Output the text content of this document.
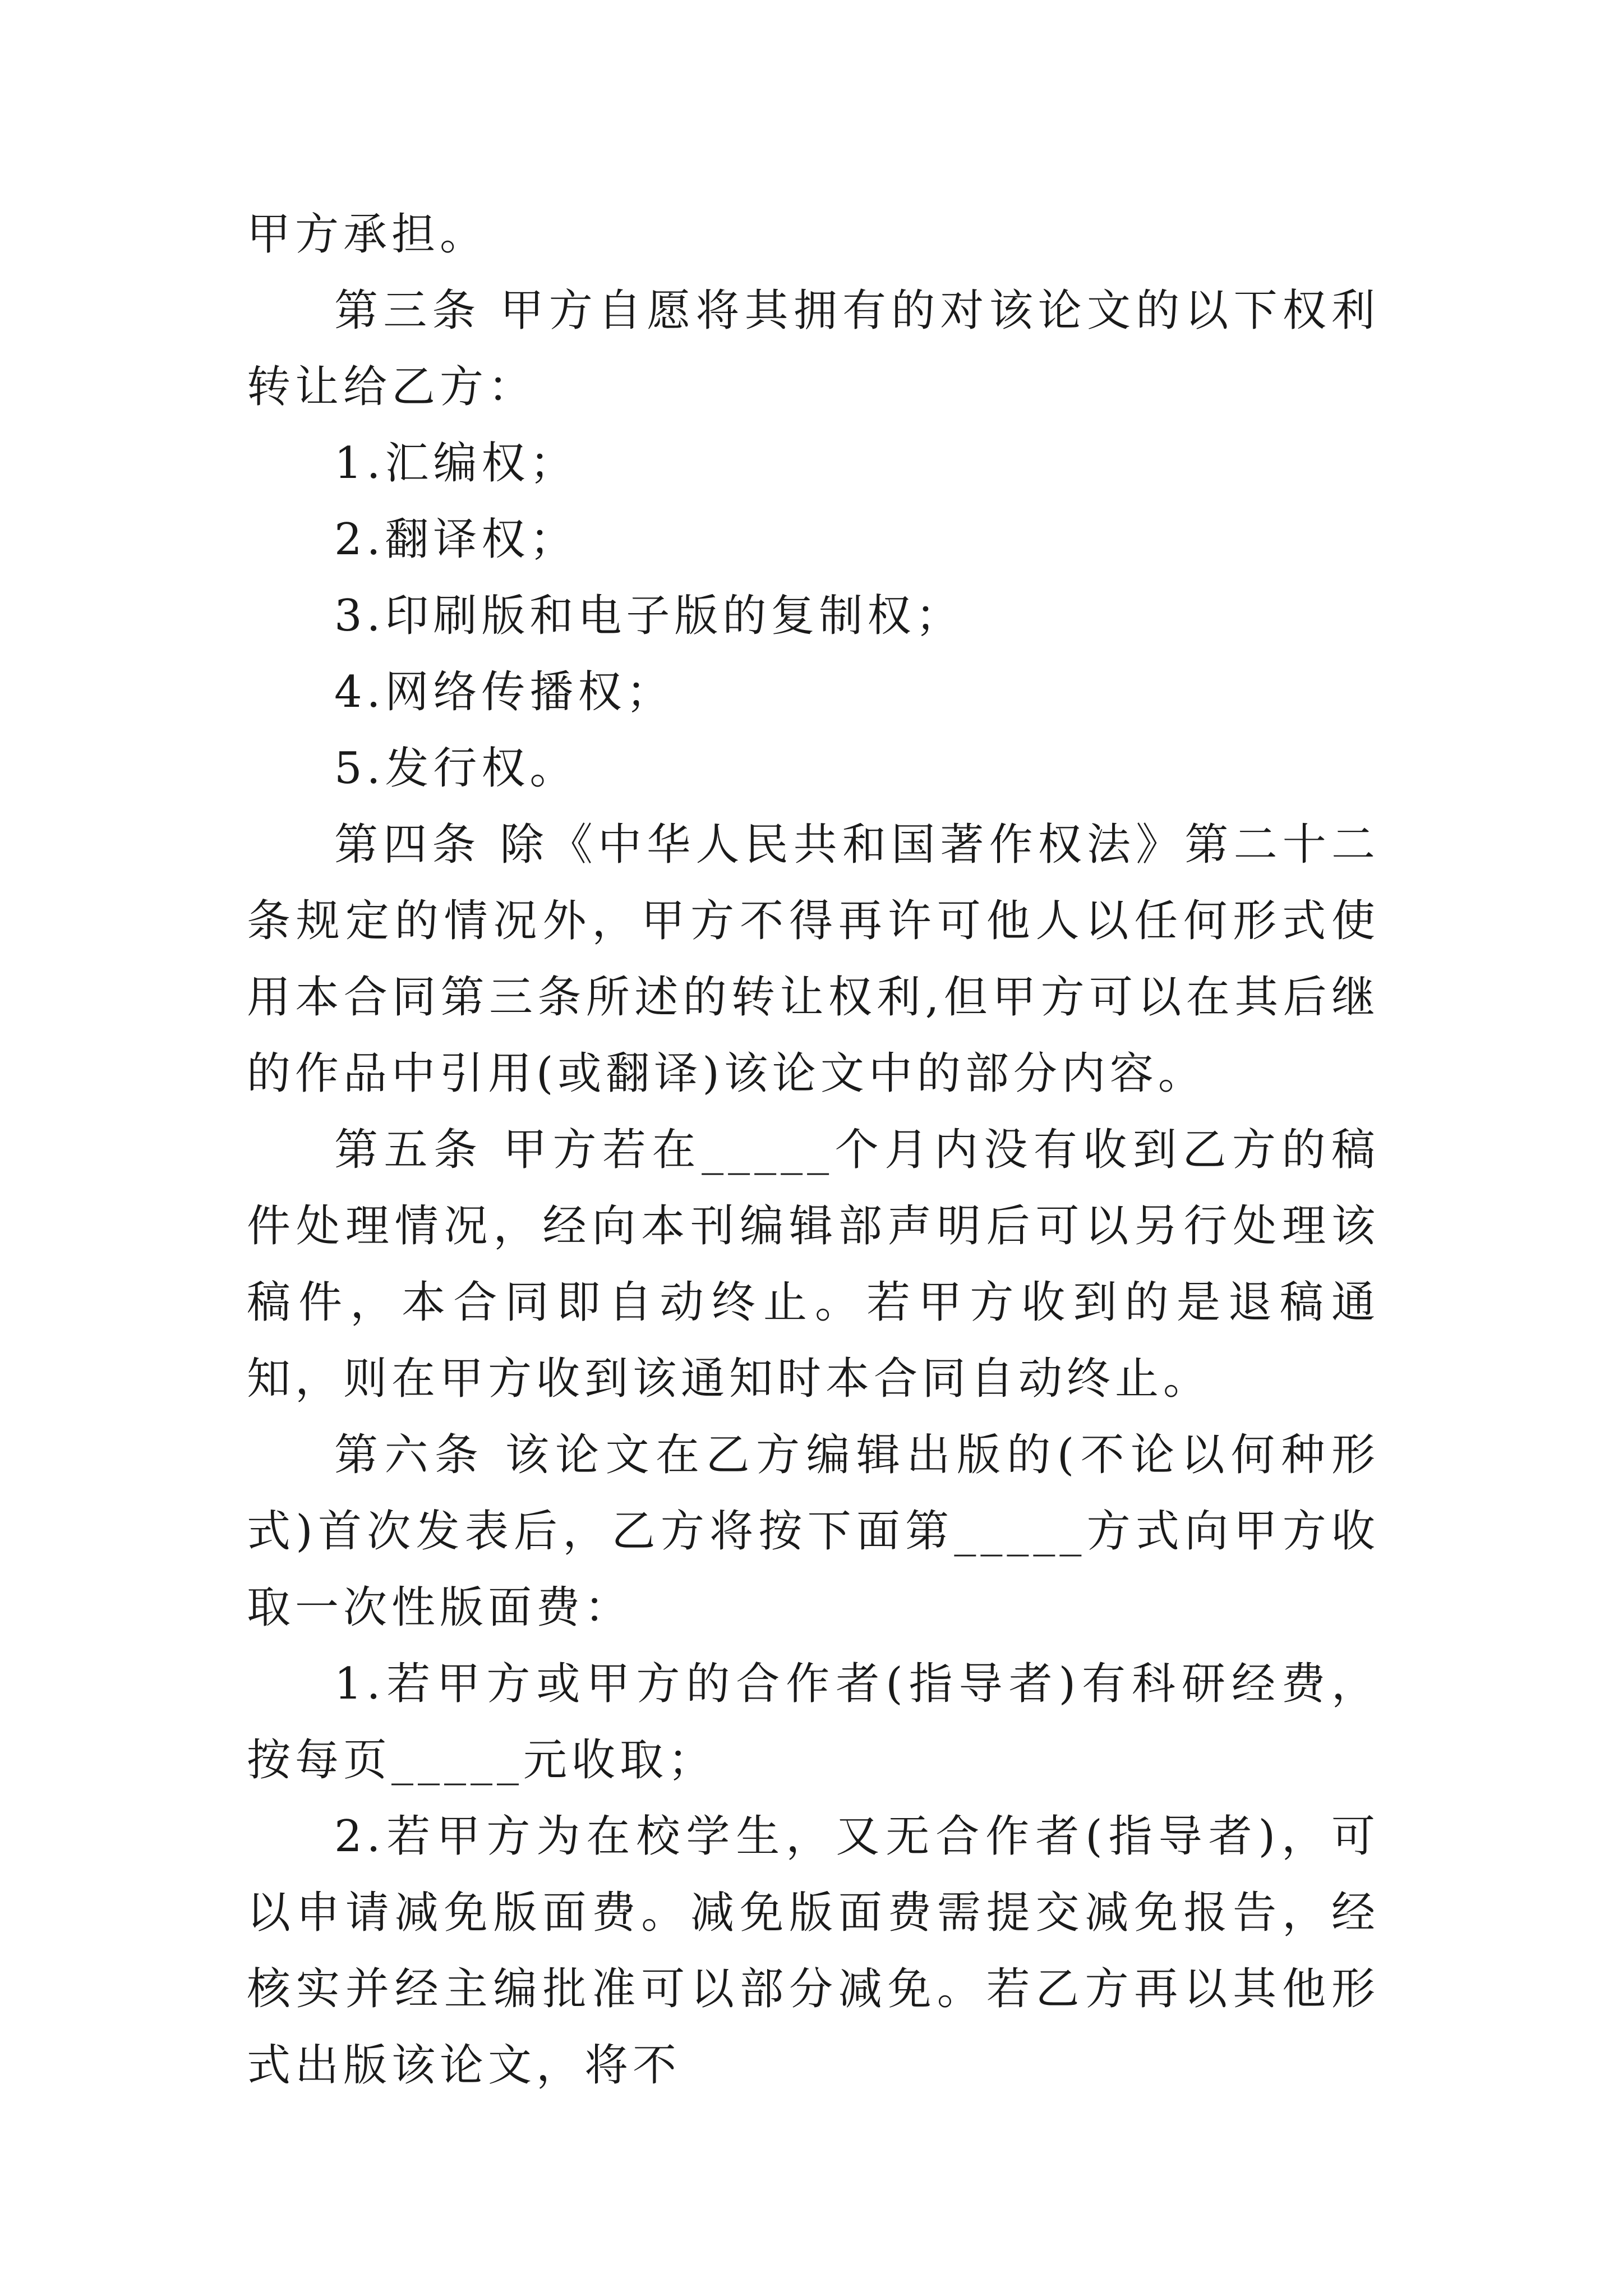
甲方承担。

第三条 甲方自愿将其拥有的对该论文的以下权利转让给乙方：

1.汇编权；

2.翻译权；

3.印刷版和电子版的复制权；

4.网络传播权；

5.发行权。

第四条 除《中华人民共和国著作权法》第二十二条规定的情况外，甲方不得再许可他人以任何形式使用本合同第三条所述的转让权利,但甲方可以在其后继的作品中引用(或翻译)该论文中的部分内容。

第五条 甲方若在_____个月内没有收到乙方的稿件处理情况，经向本刊编辑部声明后可以另行处理该稿件，本合同即自动终止。若甲方收到的是退稿通知，则在甲方收到该通知时本合同自动终止。

第六条 该论文在乙方编辑出版的(不论以何种形式)首次发表后，乙方将按下面第_____方式向甲方收取一次性版面费：

1.若甲方或甲方的合作者(指导者)有科研经费，按每页_____元收取；

2.若甲方为在校学生，又无合作者(指导者)，可以申请减免版面费。减免版面费需提交减免报告，经核实并经主编批准可以部分减免。若乙方再以其他形式出版该论文，将不
